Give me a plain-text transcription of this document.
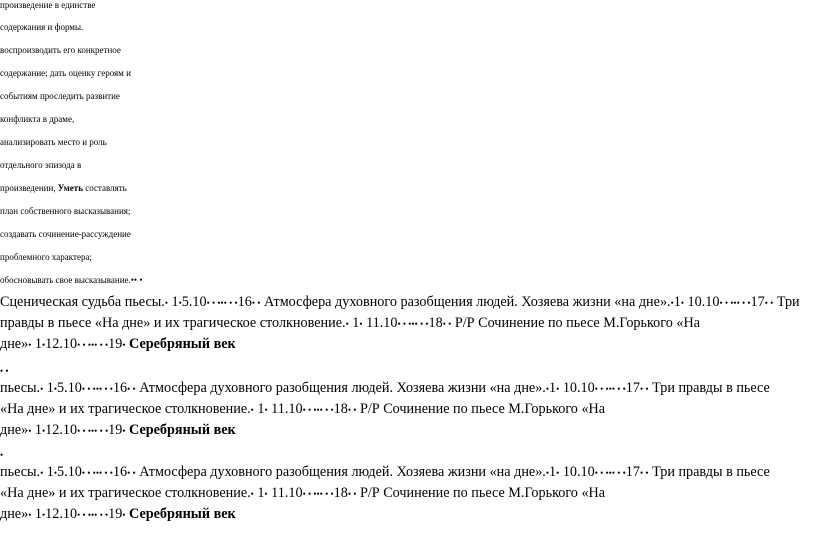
произведение в единстве
содержания и формы.
воспроизводить его конкретное
содержание; дать оценку героям и
событиям проследить развитие
конфликта в драме,
анализировать место и роль
отдельного эпизода в
произведении, Уметь составлять
план собственного высказывания;
создавать сочинение-рассуждение
проблемного характера;
обосновывать свое высказывание.•• •

Сценическая судьба пьесы.• 1•5.10• • ••• • •16• • Атмосфера духовного разобщения людей. Хозяева жизни «на дне».•1• 10.10• • ••• • •17• • Три

правды в пьесе «На дне» и их трагическое столкновение.• 1• 11.10• • ••• • •18• • Р/Р Сочинение по пьесе М.Горького «На

дне»• 1•12.10• • ••• • •19• Серебряный век

• •

пьесы.• 1•5.10• • ••• • •16• • Атмосфера духовного разобщения людей. Хозяева жизни «на дне».•1• 10.10• • ••• • •17• • Три правды в пьесе

«На дне» и их трагическое столкновение.• 1• 11.10• • ••• • •18• • Р/Р Сочинение по пьесе М.Горького «На

дне»• 1•12.10• • ••• • •19• Серебряный век

•

пьесы.• 1•5.10• • ••• • •16• • Атмосфера духовного разобщения людей. Хозяева жизни «на дне».•1• 10.10• • ••• • •17• • Три правды в пьесе

«На дне» и их трагическое столкновение.• 1• 11.10• • ••• • •18• • Р/Р Сочинение по пьесе М.Горького «На

дне»• 1•12.10• • ••• • •19• Серебряный век
